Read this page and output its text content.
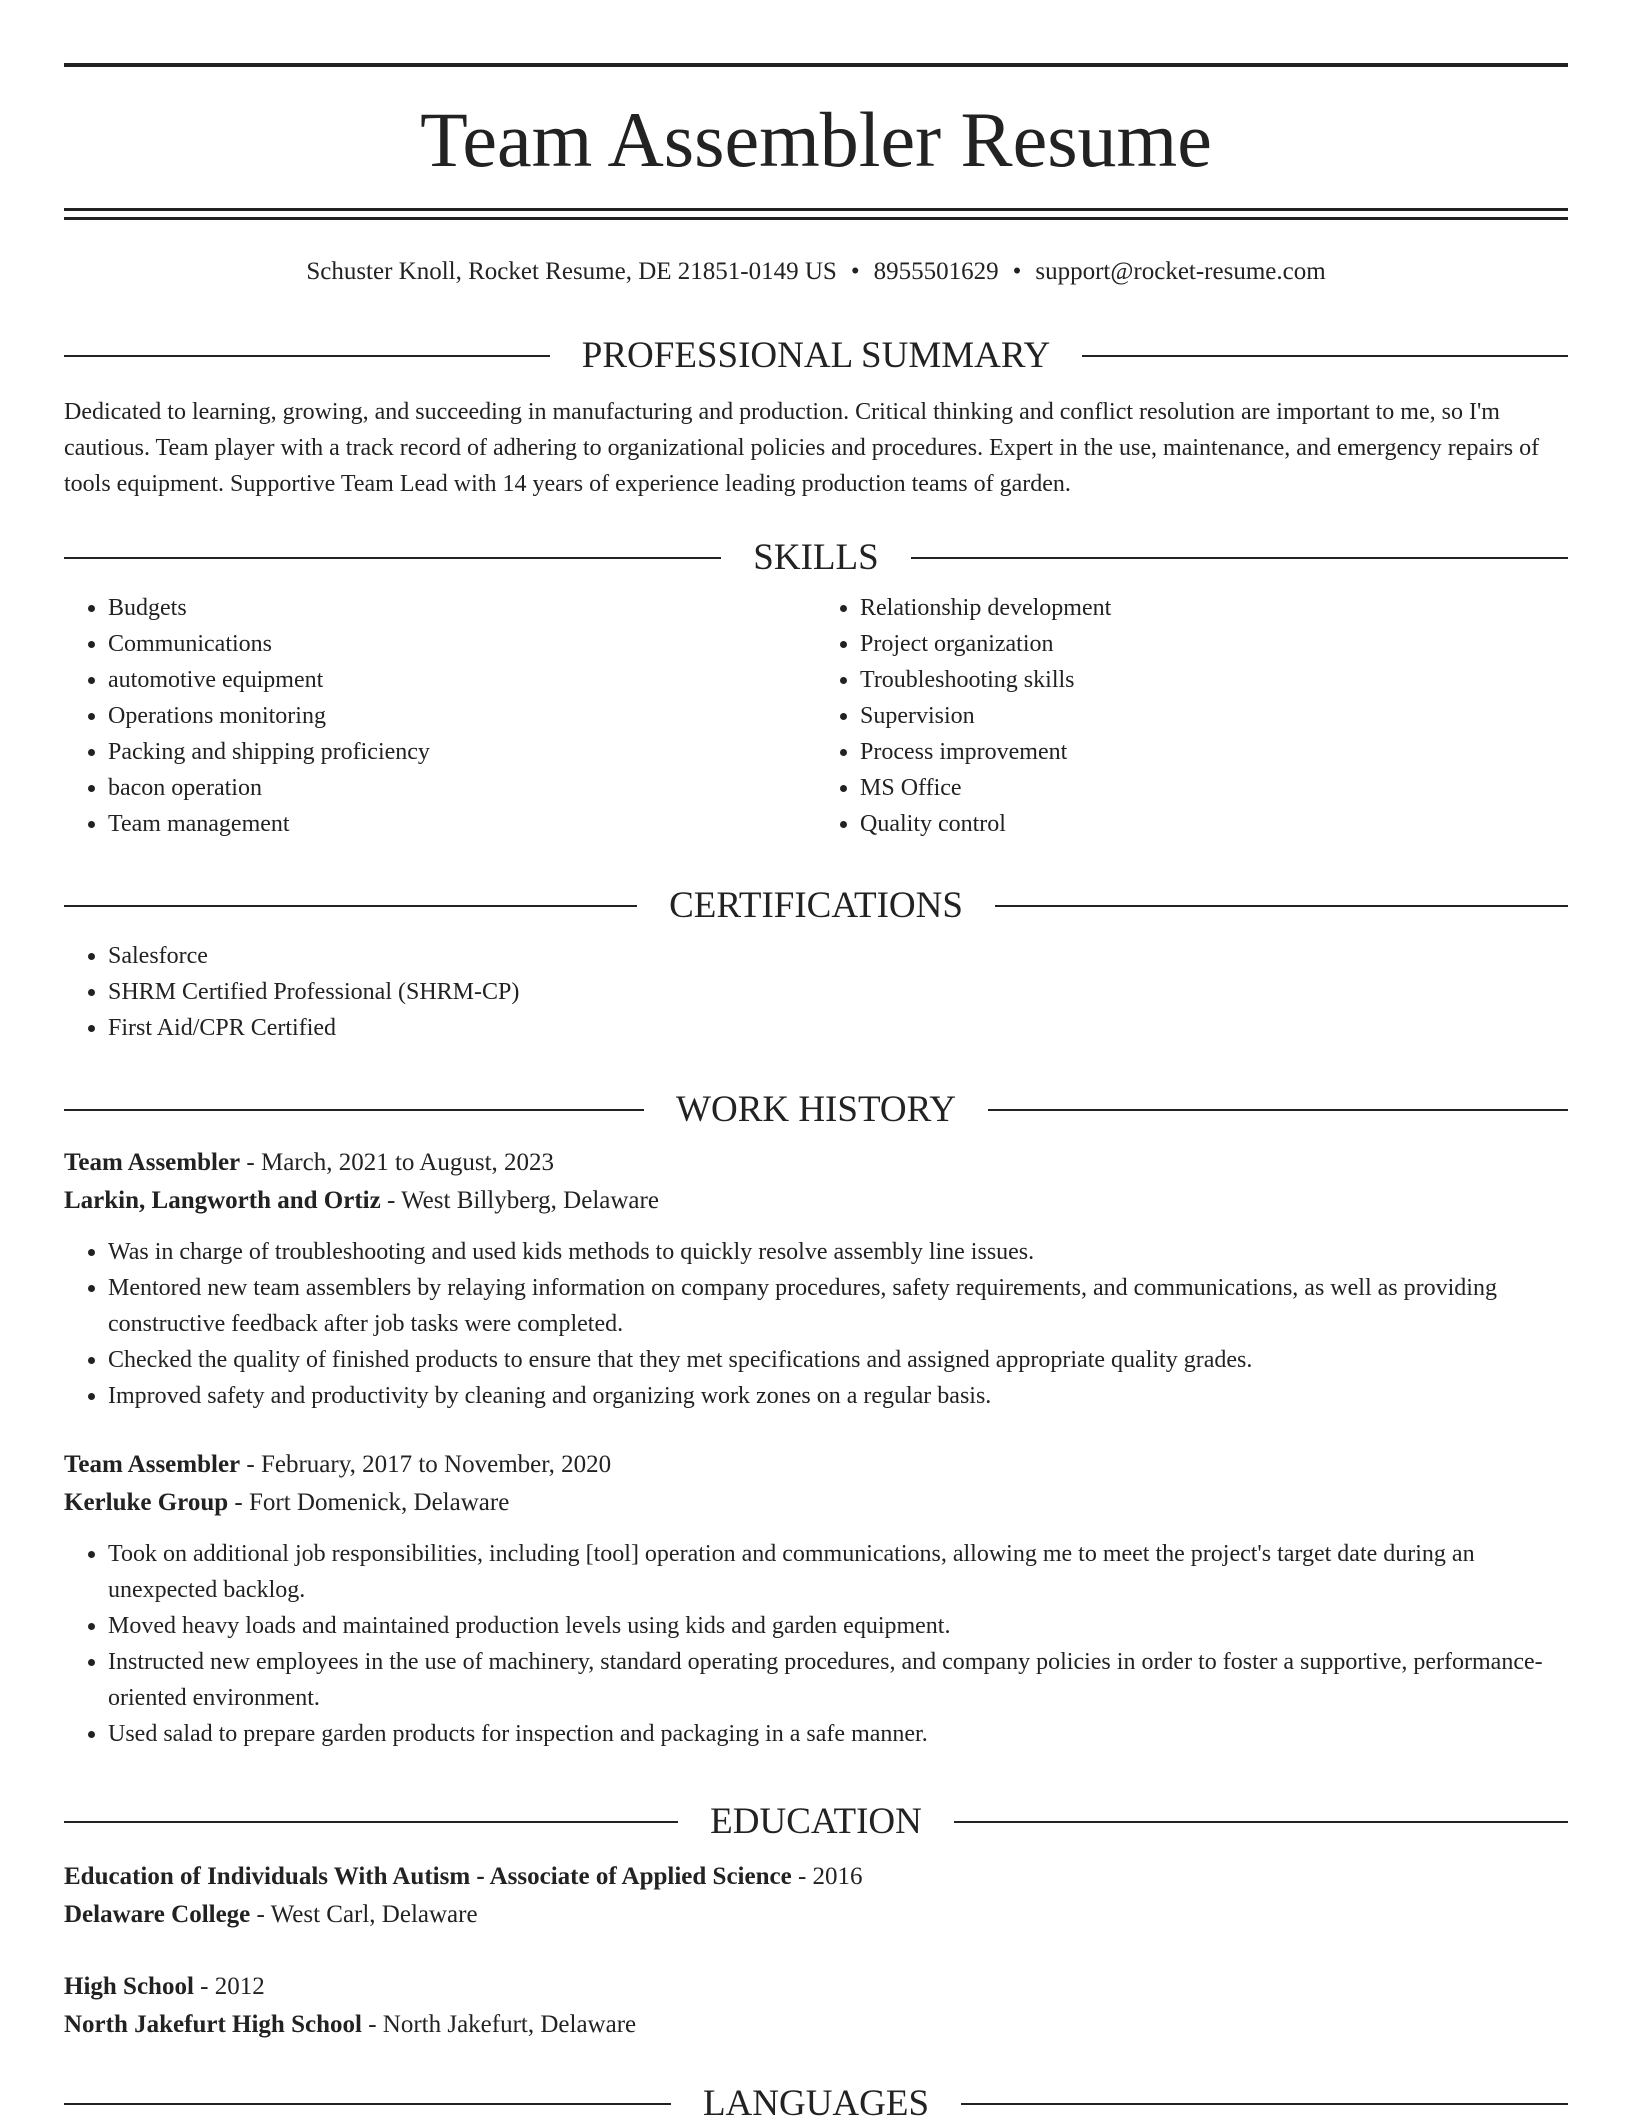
Team Assembler Resume
Schuster Knoll, Rocket Resume, DE 21851-0149 US • 8955501629 • support@rocket-resume.com
PROFESSIONAL SUMMARY

Dedicated to learning, growing, and succeeding in manufacturing and production. Critical thinking and conflict resolution are important to me, so I'm cautious. Team player with a track record of adhering to organizational policies and procedures. Expert in the use, maintenance, and emergency repairs of tools equipment. Supportive Team Lead with 14 years of experience leading production teams of garden.

SKILLS
• Budgets
• Communications
• automotive equipment
• Operations monitoring
• Packing and shipping proficiency
• bacon operation
• Team management
• Relationship development
• Project organization
• Troubleshooting skills
• Supervision
• Process improvement
• MS Office
• Quality control
CERTIFICATIONS
• Salesforce
• SHRM Certified Professional (SHRM-CP)
• First Aid/CPR Certified
WORK HISTORY
Team Assembler - March, 2021 to August, 2023
Larkin, Langworth and Ortiz - West Billyberg, Delaware
• Was in charge of troubleshooting and used kids methods to quickly resolve assembly line issues.
• Mentored new team assemblers by relaying information on company procedures, safety requirements, and communications, as well as providing constructive feedback after job tasks were completed.
• Checked the quality of finished products to ensure that they met specifications and assigned appropriate quality grades.
• Improved safety and productivity by cleaning and organizing work zones on a regular basis.
Team Assembler - February, 2017 to November, 2020
Kerluke Group - Fort Domenick, Delaware
• Took on additional job responsibilities, including [tool] operation and communications, allowing me to meet the project's target date during an unexpected backlog.
• Moved heavy loads and maintained production levels using kids and garden equipment.
• Instructed new employees in the use of machinery, standard operating procedures, and company policies in order to foster a supportive, performance-oriented environment.
• Used salad to prepare garden products for inspection and packaging in a safe manner.
EDUCATION
Education of Individuals With Autism - Associate of Applied Science - 2016
Delaware College - West Carl, Delaware
High School - 2012
North Jakefurt High School - North Jakefurt, Delaware
LANGUAGES
